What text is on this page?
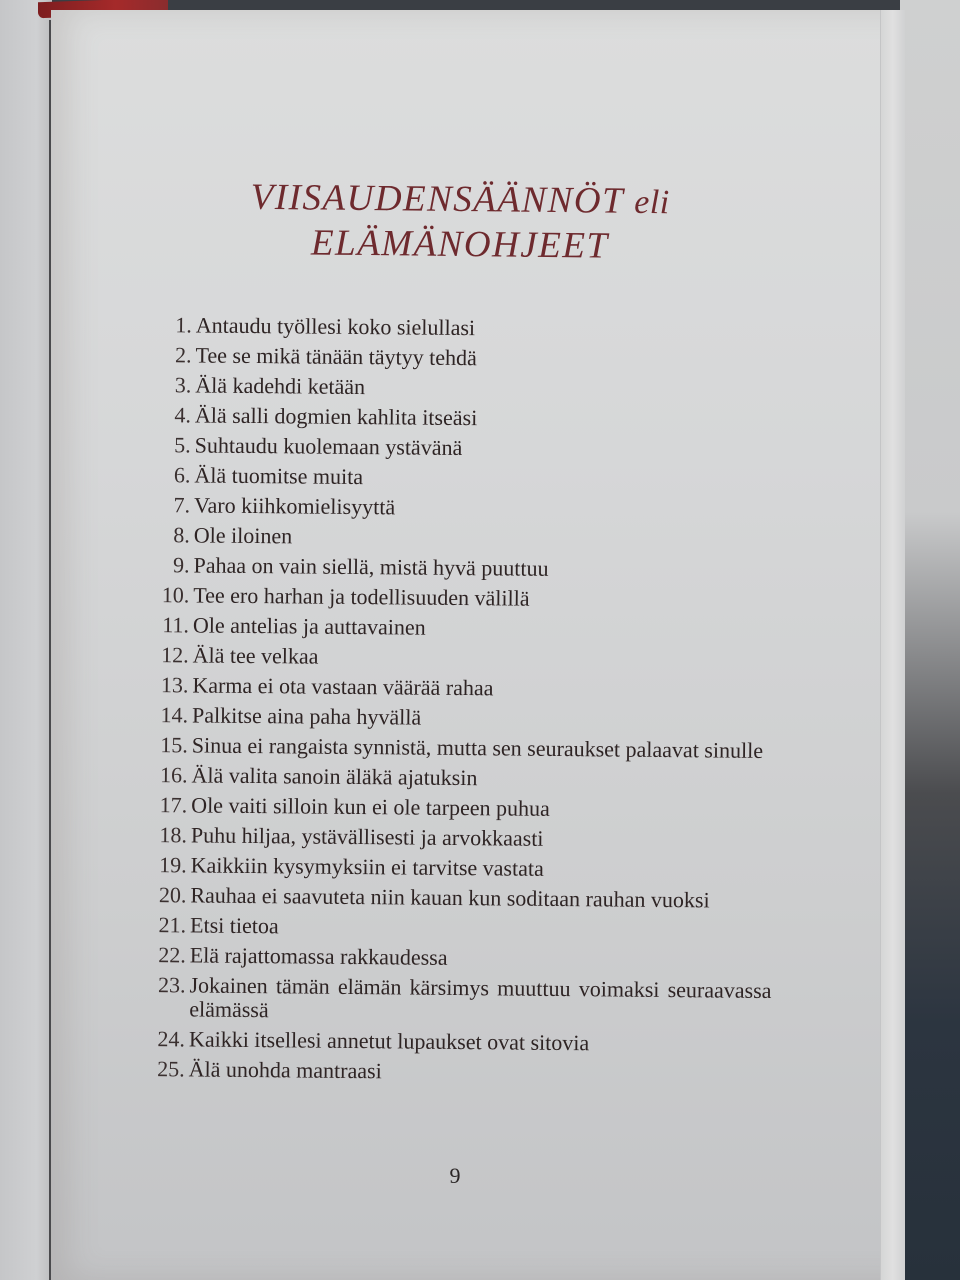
VIISAUDENSÄÄNNÖT eli
ELÄMÄNOHJEET
1. Antaudu työllesi koko sielullasi
2. Tee se mikä tänään täytyy tehdä
3. Älä kadehdi ketään
4. Älä salli dogmien kahlita itseäsi
5. Suhtaudu kuolemaan ystävänä
6. Älä tuomitse muita
7. Varo kiihkomielisyyttä
8. Ole iloinen
9. Pahaa on vain siellä, mistä hyvä puuttuu
10. Tee ero harhan ja todellisuuden välillä
11. Ole antelias ja auttavainen
12. Älä tee velkaa
13. Karma ei ota vastaan väärää rahaa
14. Palkitse aina paha hyvällä
15. Sinua ei rangaista synnistä, mutta sen seuraukset palaavat sinulle
16. Älä valita sanoin äläkä ajatuksin
17. Ole vaiti silloin kun ei ole tarpeen puhua
18. Puhu hiljaa, ystävällisesti ja arvokkaasti
19. Kaikkiin kysymyksiin ei tarvitse vastata
20. Rauhaa ei saavuteta niin kauan kun soditaan rauhan vuoksi
21. Etsi tietoa
22. Elä rajattomassa rakkaudessa
23. Jokainen tämän elämän kärsimys muuttuu voimaksi seuraavassa elämässä
24. Kaikki itsellesi annetut lupaukset ovat sitovia
25. Älä unohda mantraasi
9
